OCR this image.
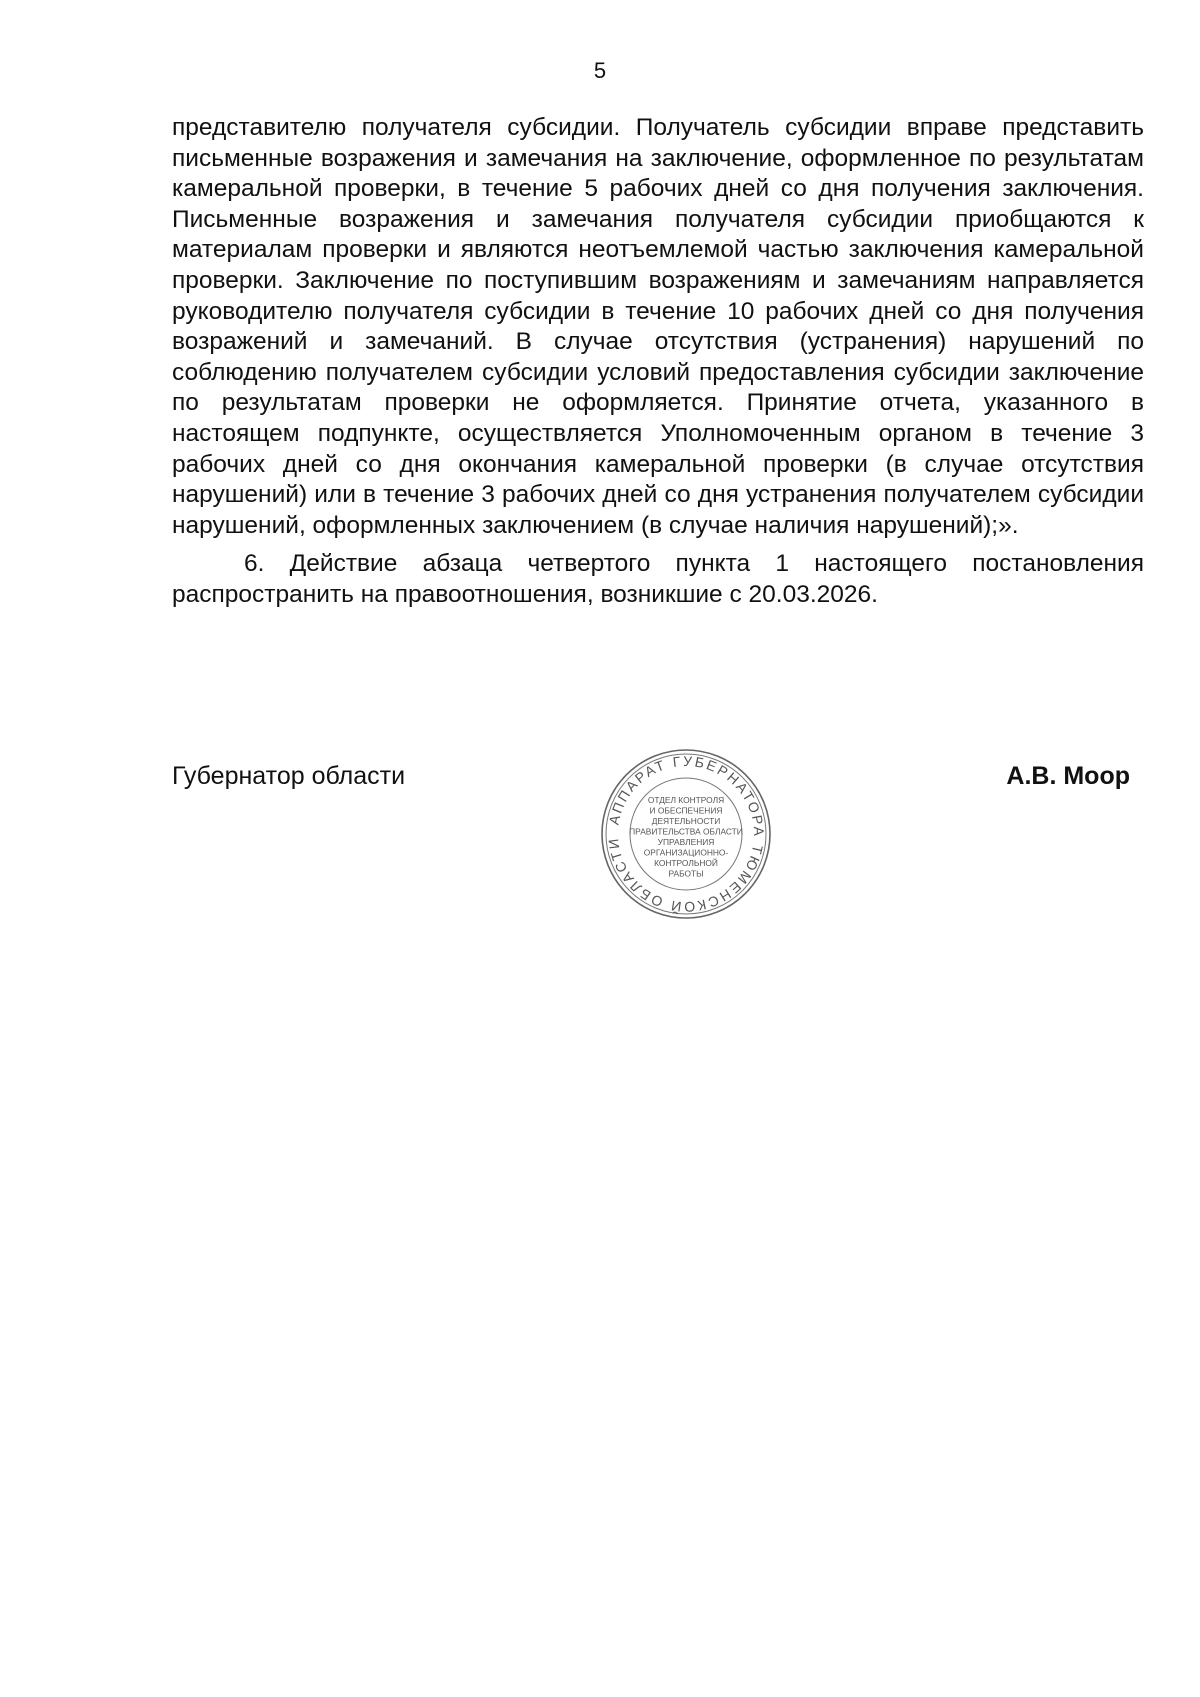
5

представителю получателя субсидии. Получатель субсидии вправе представить письменные возражения и замечания на заключение, оформленное по результатам камеральной проверки, в течение 5 рабочих дней со дня получения заключения. Письменные возражения и замечания получателя субсидии приобщаются к материалам проверки и являются неотъемлемой частью заключения камеральной проверки. Заключение по поступившим возражениям и замечаниям направляется руководителю получателя субсидии в течение 10 рабочих дней со дня получения возражений и замечаний. В случае отсутствия (устранения) нарушений по соблюдению получателем субсидии условий предоставления субсидии заключение по результатам проверки не оформляется. Принятие отчета, указанного в настоящем подпункте, осуществляется Уполномоченным органом в течение 3 рабочих дней со дня окончания камеральной проверки (в случае отсутствия нарушений) или в течение 3 рабочих дней со дня устранения получателем субсидии нарушений, оформленных заключением (в случае наличия нарушений);».

6. Действие абзаца четвертого пункта 1 настоящего постановления распространить на правоотношения, возникшие с 20.03.2026.

Губернатор области	А.В. Моор
АППАРАТ ГУБЕРНАТОРА ТЮМЕНСКОЙ ОБЛАСТИ
ОТДЕЛ КОНТРОЛЯ
И ОБЕСПЕЧЕНИЯ
ДЕЯТЕЛЬНОСТИ
ПРАВИТЕЛЬСТВА ОБЛАСТИ
УПРАВЛЕНИЯ
ОРГАНИЗАЦИОННО-
КОНТРОЛЬНОЙ
РАБОТЫ
